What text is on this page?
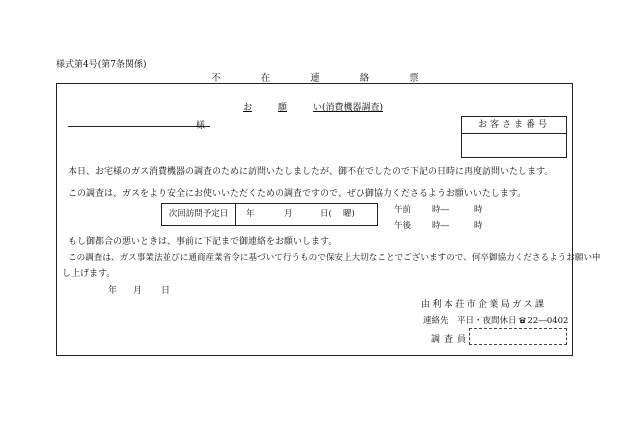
様式第4号(第7条関係)
不在連絡票
お	願	い(消費機器調査)
様	お客さま番号
本日、お宅様のガス消費機器の調査のために訪問いたしましたが、御不在でしたので下記の日時に再度訪問いたします。
この調査は、ガスをより安全にお使いいただくための調査ですので、ぜひ御協力くださるようお願いいたします。
次回訪問予定日	年	月	日( 曜)	午前 時―	時
午後 時―	時
もし御都合の悪いときは、事前に下記まで御連絡をお願いします。
この調査は、ガス事業法並びに通商産業省令に基づいて行うもので保安上大切なことでございますので、何卒御協力くださるようお願い申
し上げます。
年 月 日
由利本荘市企業局ガス課
連絡先　平日・夜間休日 22―0402
調査員
